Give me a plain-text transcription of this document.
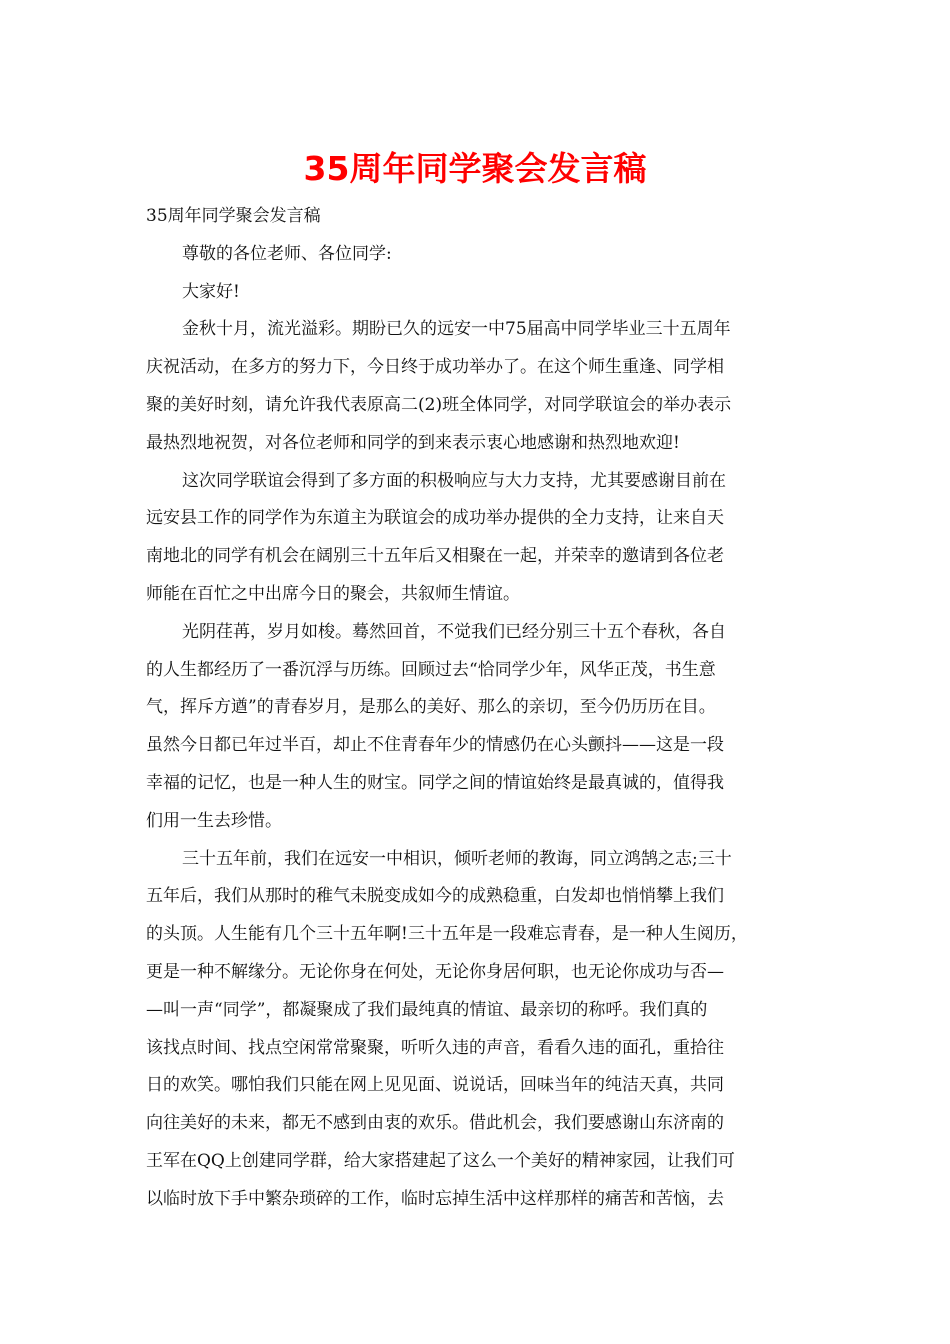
35周年同学聚会发言稿
35周年同学聚会发言稿
尊敬的各位老师、各位同学:
大家好!
金秋十月，流光溢彩。期盼已久的远安一中75届高中同学毕业三十五周年
庆祝活动，在多方的努力下，今日终于成功举办了。在这个师生重逢、同学相
聚的美好时刻，请允许我代表原高二(2)班全体同学，对同学联谊会的举办表示
最热烈地祝贺，对各位老师和同学的到来表示衷心地感谢和热烈地欢迎!
这次同学联谊会得到了多方面的积极响应与大力支持，尤其要感谢目前在
远安县工作的同学作为东道主为联谊会的成功举办提供的全力支持，让来自天
南地北的同学有机会在阔别三十五年后又相聚在一起，并荣幸的邀请到各位老
师能在百忙之中出席今日的聚会，共叙师生情谊。
光阴荏苒，岁月如梭。蓦然回首，不觉我们已经分别三十五个春秋，各自
的人生都经历了一番沉浮与历练。回顾过去“恰同学少年，风华正茂，书生意
气，挥斥方遒”的青春岁月，是那么的美好、那么的亲切，至今仍历历在目。
虽然今日都已年过半百，却止不住青春年少的情感仍在心头颤抖——这是一段
幸福的记忆，也是一种人生的财宝。同学之间的情谊始终是最真诚的，值得我
们用一生去珍惜。
三十五年前，我们在远安一中相识，倾听老师的教诲，同立鸿鹄之志;三十
五年后，我们从那时的稚气未脱变成如今的成熟稳重，白发却也悄悄攀上我们
的头顶。人生能有几个三十五年啊!三十五年是一段难忘青春，是一种人生阅历，
更是一种不解缘分。无论你身在何处，无论你身居何职，也无论你成功与否—
—叫一声“同学”，都凝聚成了我们最纯真的情谊、最亲切的称呼。我们真的
该找点时间、找点空闲常常聚聚，听听久违的声音，看看久违的面孔，重拾往
日的欢笑。哪怕我们只能在网上见见面、说说话，回味当年的纯洁天真，共同
向往美好的未来，都无不感到由衷的欢乐。借此机会，我们要感谢山东济南的
王军在QQ上创建同学群，给大家搭建起了这么一个美好的精神家园，让我们可
以临时放下手中繁杂琐碎的工作，临时忘掉生活中这样那样的痛苦和苦恼，去
